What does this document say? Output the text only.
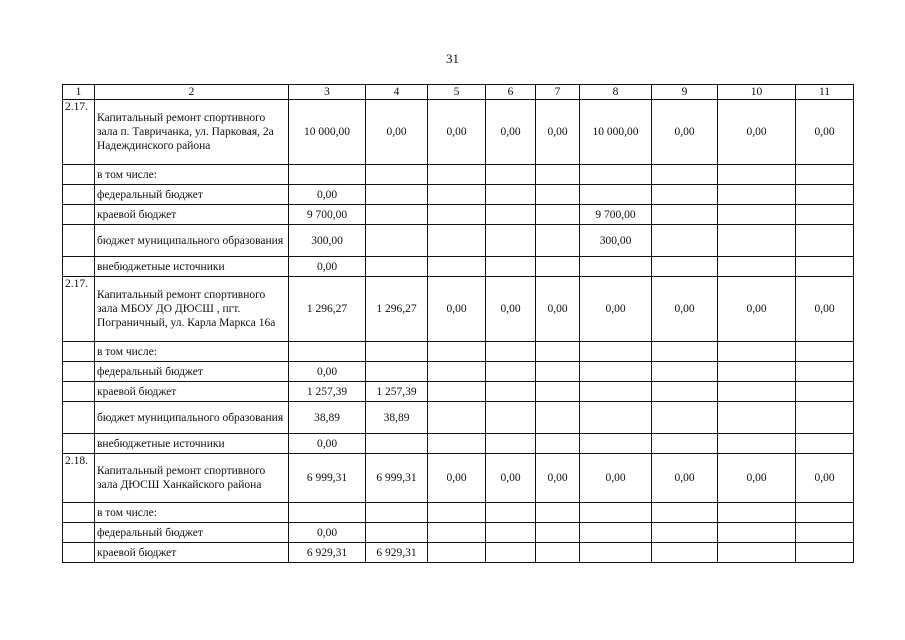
31
1	2	3	4	5	6	7	8	9	10	11
2.17.	Капитальный ремонт спортивного зала п. Тавричанка, ул. Парковая, 2а Надеждинского района	10 000,00	0,00	0,00	0,00	0,00	10 000,00	0,00	0,00	0,00
	в том числе:									
	федеральный бюджет	0,00								
	краевой бюджет	9 700,00					9 700,00			
	бюджет муниципального образования	300,00					300,00			
	внебюджетные источники	0,00								
2.17.	Капитальный ремонт спортивного зала МБОУ ДО ДЮСШ , пгт. Пограничный, ул. Карла Маркса 16а	1 296,27	1 296,27	0,00	0,00	0,00	0,00	0,00	0,00	0,00
	в том числе:									
	федеральный бюджет	0,00								
	краевой бюджет	1 257,39	1 257,39							
	бюджет муниципального образования	38,89	38,89							
	внебюджетные источники	0,00								
2.18.	Капитальный ремонт спортивного зала ДЮСШ Ханкайского района	6 999,31	6 999,31	0,00	0,00	0,00	0,00	0,00	0,00	0,00
	в том числе:									
	федеральный бюджет	0,00								
	краевой бюджет	6 929,31	6 929,31							
